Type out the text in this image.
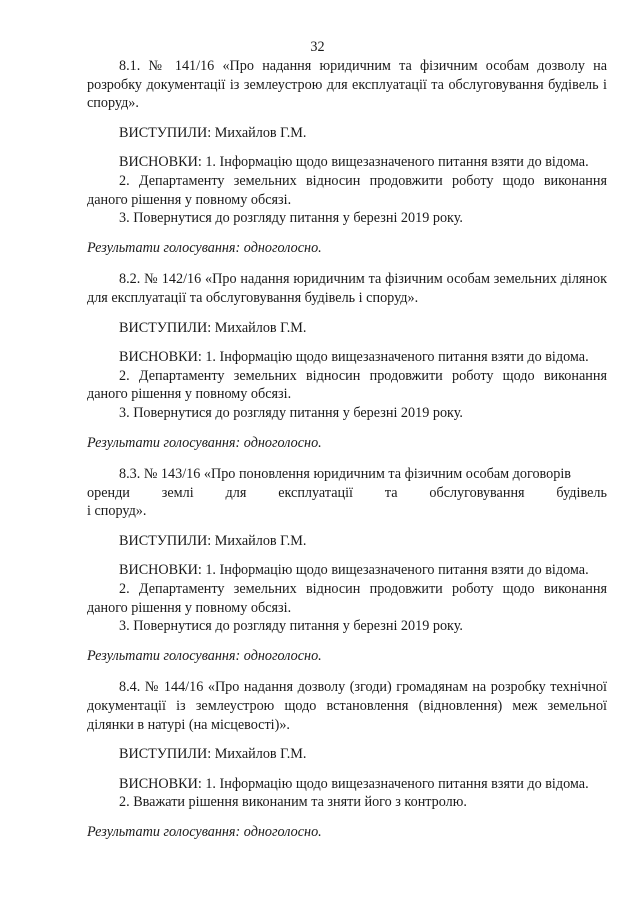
32

8.1. № 141/16 «Про надання юридичним та фізичним особам дозволу на розробку документації із землеустрою для експлуатації та обслуговування будівель і споруд».

ВИСТУПИЛИ: Михайлов Г.М.

ВИСНОВКИ: 1. Інформацію щодо вищезазначеного питання взяти до відома.

2. Департаменту земельних відносин продовжити роботу щодо виконання даного рішення у повному обсязі.

3. Повернутися до розгляду питання у березні 2019 року.

Результати голосування: одноголосно.

8.2. № 142/16 «Про надання юридичним та фізичним особам земельних ділянок для експлуатації та обслуговування будівель і споруд».

ВИСТУПИЛИ: Михайлов Г.М.

ВИСНОВКИ: 1. Інформацію щодо вищезазначеного питання взяти до відома.

2. Департаменту земельних відносин продовжити роботу щодо виконання даного рішення у повному обсязі.

3. Повернутися до розгляду питання у березні 2019 року.

Результати голосування: одноголосно.

8.3. № 143/16 «Про поновлення юридичним та фізичним особам договорів

оренди землі для експлуатації та обслуговування будівель

і споруд».

ВИСТУПИЛИ: Михайлов Г.М.

ВИСНОВКИ: 1. Інформацію щодо вищезазначеного питання взяти до відома.

2. Департаменту земельних відносин продовжити роботу щодо виконання даного рішення у повному обсязі.

3. Повернутися до розгляду питання у березні 2019 року.

Результати голосування: одноголосно.

8.4. № 144/16 «Про надання дозволу (згоди) громадянам на розробку технічної документації із землеустрою щодо встановлення (відновлення) меж земельної ділянки в натурі (на місцевості)».

ВИСТУПИЛИ: Михайлов Г.М.

ВИСНОВКИ: 1. Інформацію щодо вищезазначеного питання взяти до відома.

2. Вважати рішення виконаним та зняти його з контролю.

Результати голосування: одноголосно.
